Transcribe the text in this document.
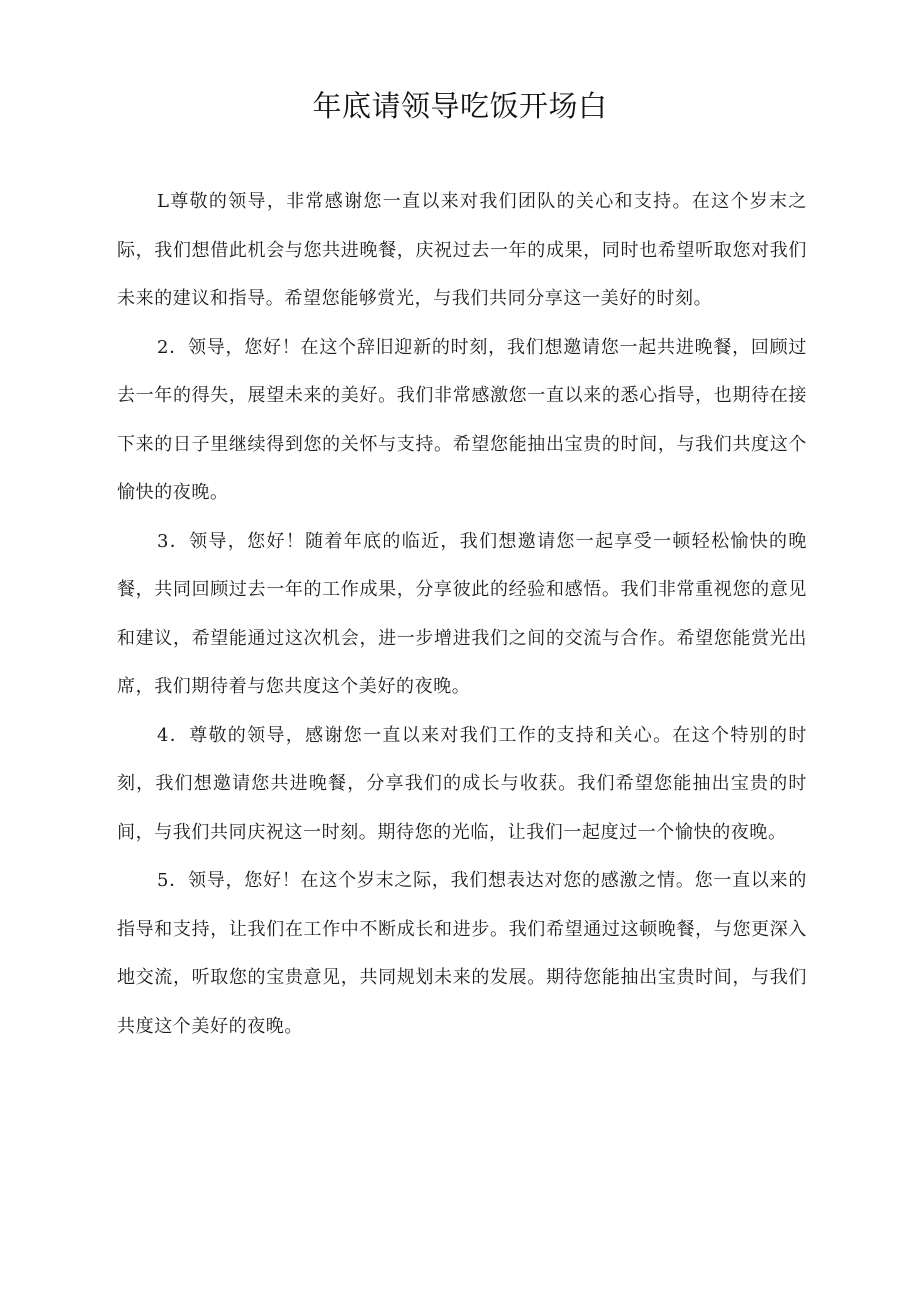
年底请领导吃饭开场白

L尊敬的领导，非常感谢您一直以来对我们团队的关心和支持。在这个岁末之际，我们想借此机会与您共进晚餐，庆祝过去一年的成果，同时也希望听取您对我们未来的建议和指导。希望您能够赏光，与我们共同分享这一美好的时刻。

2．领导，您好！在这个辞旧迎新的时刻，我们想邀请您一起共进晚餐，回顾过去一年的得失，展望未来的美好。我们非常感激您一直以来的悉心指导，也期待在接下来的日子里继续得到您的关怀与支持。希望您能抽出宝贵的时间，与我们共度这个愉快的夜晚。

3．领导，您好！随着年底的临近，我们想邀请您一起享受一顿轻松愉快的晚餐，共同回顾过去一年的工作成果，分享彼此的经验和感悟。我们非常重视您的意见和建议，希望能通过这次机会，进一步增进我们之间的交流与合作。希望您能赏光出席，我们期待着与您共度这个美好的夜晚。

4．尊敬的领导，感谢您一直以来对我们工作的支持和关心。在这个特别的时刻，我们想邀请您共进晚餐，分享我们的成长与收获。我们希望您能抽出宝贵的时间，与我们共同庆祝这一时刻。期待您的光临，让我们一起度过一个愉快的夜晚。

5．领导，您好！在这个岁末之际，我们想表达对您的感激之情。您一直以来的指导和支持，让我们在工作中不断成长和进步。我们希望通过这顿晚餐，与您更深入地交流，听取您的宝贵意见，共同规划未来的发展。期待您能抽出宝贵时间，与我们共度这个美好的夜晚。
